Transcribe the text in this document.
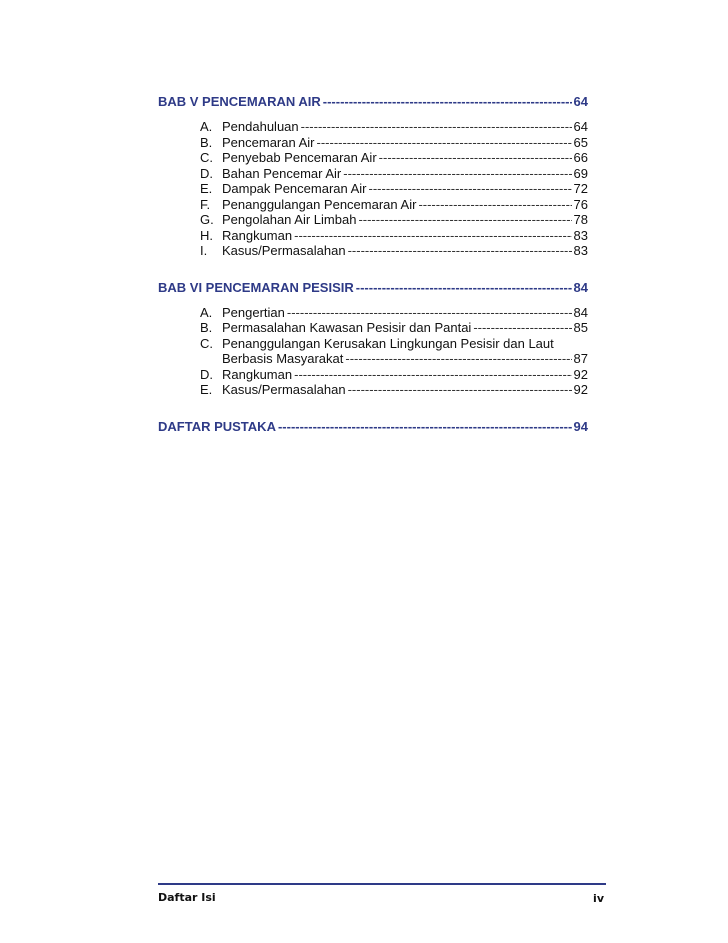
BAB V PENCEMARAN AIR -----	64
A. Pendahuluan -----	64
B. Pencemaran Air -----	65
C. Penyebab Pencemaran Air -----	66
D. Bahan Pencemar Air -----	69
E. Dampak Pencemaran Air -----	72
F. Penanggulangan Pencemaran Air -----	76
G. Pengolahan Air Limbah -----	78
H. Rangkuman -----	83
I.	Kasus/Permasalahan -----	83
BAB VI PENCEMARAN PESISIR -----	84
A. Pengertian -----	84
B. Permasalahan Kawasan Pesisir dan Pantai -----	85
C. Penanggulangan Kerusakan Lingkungan Pesisir dan Laut
Berbasis Masyarakat -----	87
D. Rangkuman -----	92
E. Kasus/Permasalahan -----	92
DAFTAR PUSTAKA -----	94
Daftar Isi	iv
